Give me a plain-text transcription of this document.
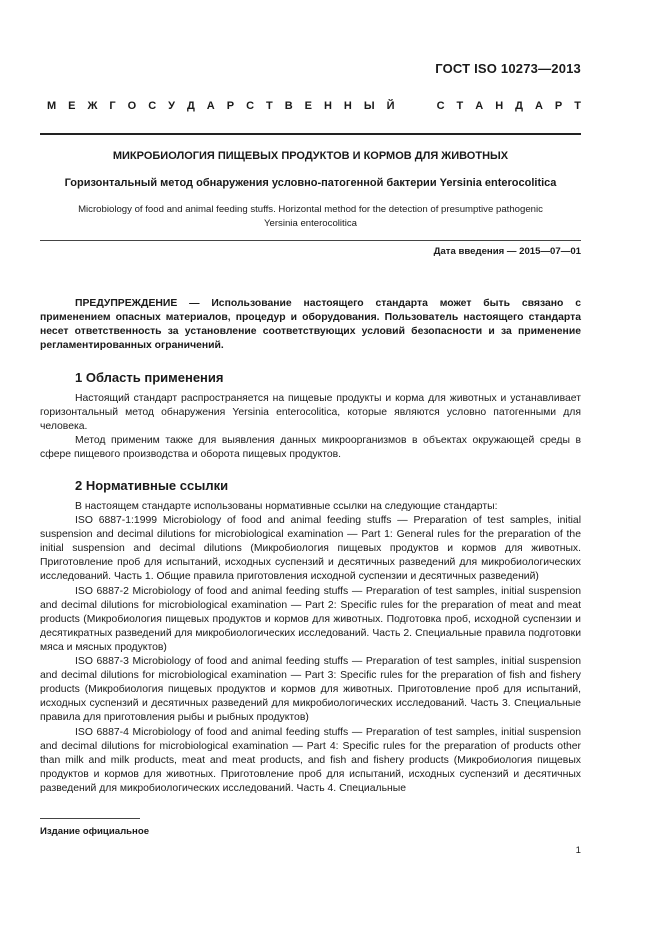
ГОСТ ISO 10273—2013
М Е Ж Г О С У Д А Р С Т В Е Н Н Ы Й

	С Т А Н Д А Р Т
МИКРОБИОЛОГИЯ ПИЩЕВЫХ ПРОДУКТОВ И КОРМОВ ДЛЯ ЖИВОТНЫХ
Горизонтальный метод обнаружения условно-патогенной бактерии Yersinia enterocolitica
Microbiology of food and animal feeding stuffs. Horizontal method for the detection of presumptive pathogenic
Yersinia enterocolitica
Дата введения — 2015—07—01

ПРЕДУПРЕЖДЕНИЕ — Использование настоящего стандарта может быть связано с применением опасных материалов, процедур и оборудования. Пользователь настоящего стандарта несет ответственность за установление соответствующих условий безопасности и за применение регламентированных ограничений.

1 Область применения

Настоящий стандарт распространяется на пищевые продукты и корма для животных и устанавливает горизонтальный метод обнаружения Yersinia enterocolitica, которые являются условно патогенными для человека.

Метод применим также для выявления данных микроорганизмов в объектах окружающей среды в сфере пищевого производства и оборота пищевых продуктов.

2 Нормативные ссылки

В настоящем стандарте использованы нормативные ссылки на следующие стандарты:

ISO 6887-1:1999 Microbiology of food and animal feeding stuffs — Preparation of test samples, initial suspension and decimal dilutions for microbiological examination — Part 1: General rules for the preparation of the initial suspension and decimal dilutions (Микробиология пищевых продуктов и кормов для животных. Приготовление проб для испытаний, исходных суспензий и десятичных разведений для микробиологических исследований. Часть 1. Общие правила приготовления исходной суспензии и десятичных разведений)

ISO 6887-2 Microbiology of food and animal feeding stuffs — Preparation of test samples, initial suspension and decimal dilutions for microbiological examination — Part 2: Specific rules for the preparation of meat and meat products (Микробиология пищевых продуктов и кормов для животных. Подготовка проб, исходной суспензии и десятикратных разведений для микробиологических исследований. Часть 2. Специальные правила подготовки мяса и мясных продуктов)

ISO 6887-3 Microbiology of food and animal feeding stuffs — Preparation of test samples, initial suspension and decimal dilutions for microbiological examination — Part 3: Specific rules for the preparation of fish and fishery products (Микробиология пищевых продуктов и кормов для животных. Приготовление проб для испытаний, исходных суспензий и десятичных разведений для микробиологических исследований. Часть 3. Специальные правила для приготовления рыбы и рыбных продуктов)

ISO 6887-4 Microbiology of food and animal feeding stuffs — Preparation of test samples, initial suspension and decimal dilutions for microbiological examination — Part 4: Specific rules for the preparation of products other than milk and milk products, meat and meat products, and fish and fishery products (Микробиология пищевых продуктов и кормов для животных. Приготовление проб для испытаний, исходных суспензий и десятичных разведений для микробиологических исследований. Часть 4. Специальные

Издание официальное
1
